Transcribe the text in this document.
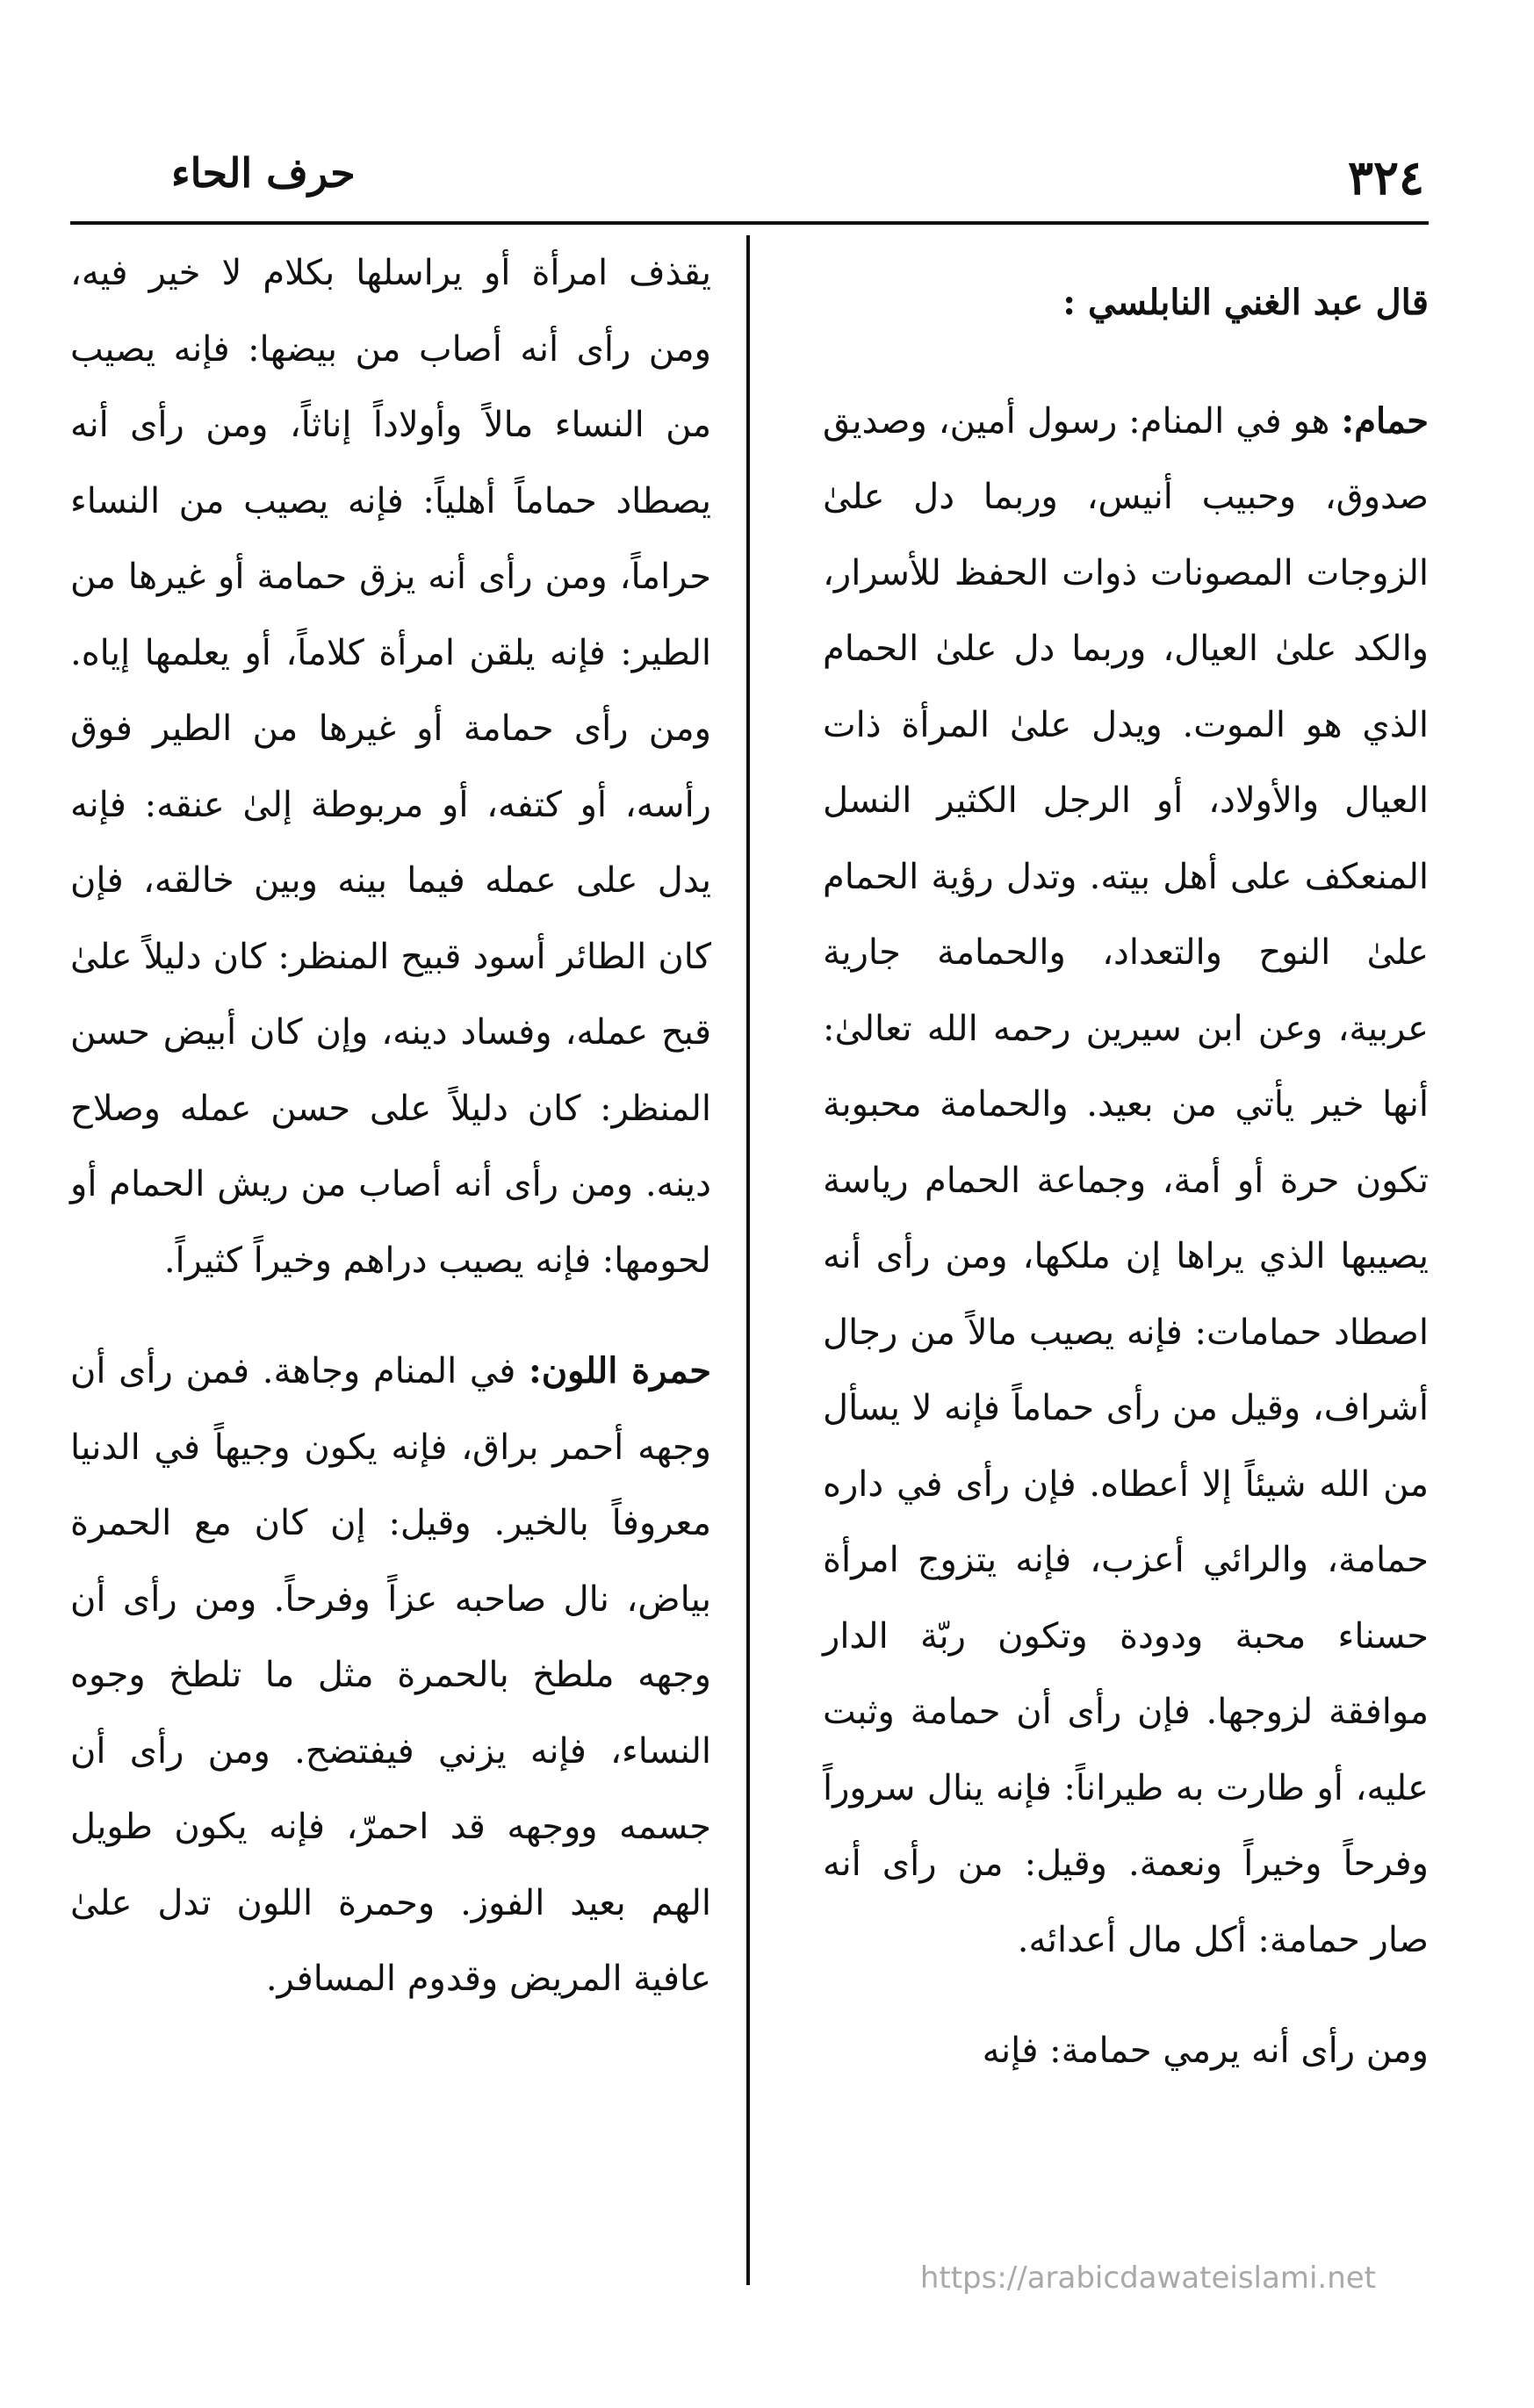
٣٢٤
حرف الحاء

قال عبد الغني النابلسي :

حمام: هو في المنام: رسول أمين، وصديق صدوق، وحبيب أنيس، وربما دل علىٰ الزوجات المصونات ذوات الحفظ للأسرار، والكد علىٰ العيال، وربما دل علىٰ الحمام الذي هو الموت. ويدل علىٰ المرأة ذات العيال والأولاد، أو الرجل الكثير النسل المنعكف على أهل بيته. وتدل رؤية الحمام علىٰ النوح والتعداد، والحمامة جارية عربية، وعن ابن سيرين رحمه الله تعالىٰ: أنها خير يأتي من بعيد. والحمامة محبوبة تكون حرة أو أمة، وجماعة الحمام رياسة يصيبها الذي يراها إن ملكها، ومن رأى أنه اصطاد حمامات: فإنه يصيب مالاً من رجال أشراف، وقيل من رأى حماماً فإنه لا يسأل من الله شيئاً إلا أعطاه. فإن رأى في داره حمامة، والرائي أعزب، فإنه يتزوج امرأة حسناء محبة ودودة وتكون ربّة الدار موافقة لزوجها. فإن رأى أن حمامة وثبت عليه، أو طارت به طيراناً: فإنه ينال سروراً وفرحاً وخيراً ونعمة. وقيل: من رأى أنه صار حمامة: أكل مال أعدائه.

ومن رأى أنه يرمي حمامة: فإنه

يقذف امرأة أو يراسلها بكلام لا خير فيه، ومن رأى أنه أصاب من بيضها: فإنه يصيب من النساء مالاً وأولاداً إناثاً، ومن رأى أنه يصطاد حماماً أهلياً: فإنه يصيب من النساء حراماً، ومن رأى أنه يزق حمامة أو غيرها من الطير: فإنه يلقن امرأة كلاماً، أو يعلمها إياه. ومن رأى حمامة أو غيرها من الطير فوق رأسه، أو كتفه، أو مربوطة إلىٰ عنقه: فإنه يدل على عمله فيما بينه وبين خالقه، فإن كان الطائر أسود قبيح المنظر: كان دليلاً علىٰ قبح عمله، وفساد دينه، وإن كان أبيض حسن المنظر: كان دليلاً على حسن عمله وصلاح دينه. ومن رأى أنه أصاب من ريش الحمام أو لحومها: فإنه يصيب دراهم وخيراً كثيراً.

حمرة اللون: في المنام وجاهة. فمن رأى أن وجهه أحمر براق، فإنه يكون وجيهاً في الدنيا معروفاً بالخير. وقيل: إن كان مع الحمرة بياض، نال صاحبه عزاً وفرحاً. ومن رأى أن وجهه ملطخ بالحمرة مثل ما تلطخ وجوه النساء، فإنه يزني فيفتضح. ومن رأى أن جسمه ووجهه قد احمرّ، فإنه يكون طويل الهم بعيد الفوز. وحمرة اللون تدل علىٰ عافية المريض وقدوم المسافر.

https://arabicdawateislami.net
